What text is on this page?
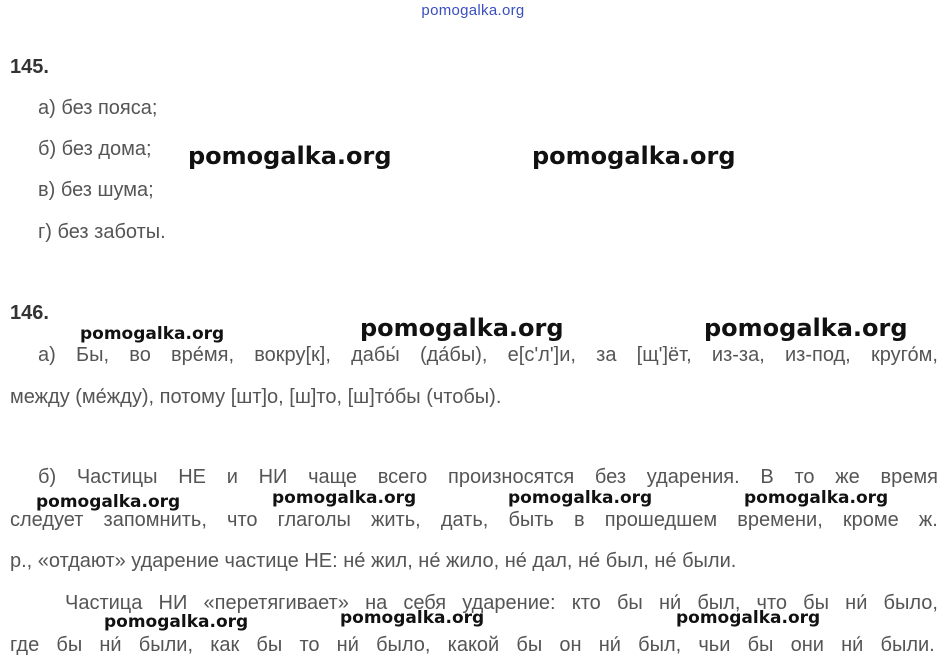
pomogalka.org
145.
а) без пояса;
б) без дома;
в) без шума;
г) без заботы.
146.
а) Бы, во вре́мя, вокру[к], дабы́ (да́бы), е[с'л']и, за [щ']ёт, из-за, из-под, круго́м,
между (ме́жду), потому [шт]о, [ш]то, [ш]то́бы (чтобы).
б) Частицы НЕ и НИ чаще всего произносятся без ударения. В то же время
следует запомнить, что глаголы жить, дать, быть в прошедшем времени, кроме ж.
р., «отдают» ударение частице НЕ: не́ жил, не́ жило, не́ дал, не́ был, не́ были.
Частица НИ «перетягивает» на себя ударение: кто бы ни́ был, что бы ни́ было,
где бы ни́ были, как бы то ни́ было, какой бы он ни́ был, чьи бы они ни́ были.
pomogalka.org	pomogalka.org
pomogalka.org	pomogalka.org	pomogalka.org
pomogalka.org	pomogalka.org	pomogalka.org	pomogalka.org
pomogalka.org	pomogalka.org	pomogalka.org
